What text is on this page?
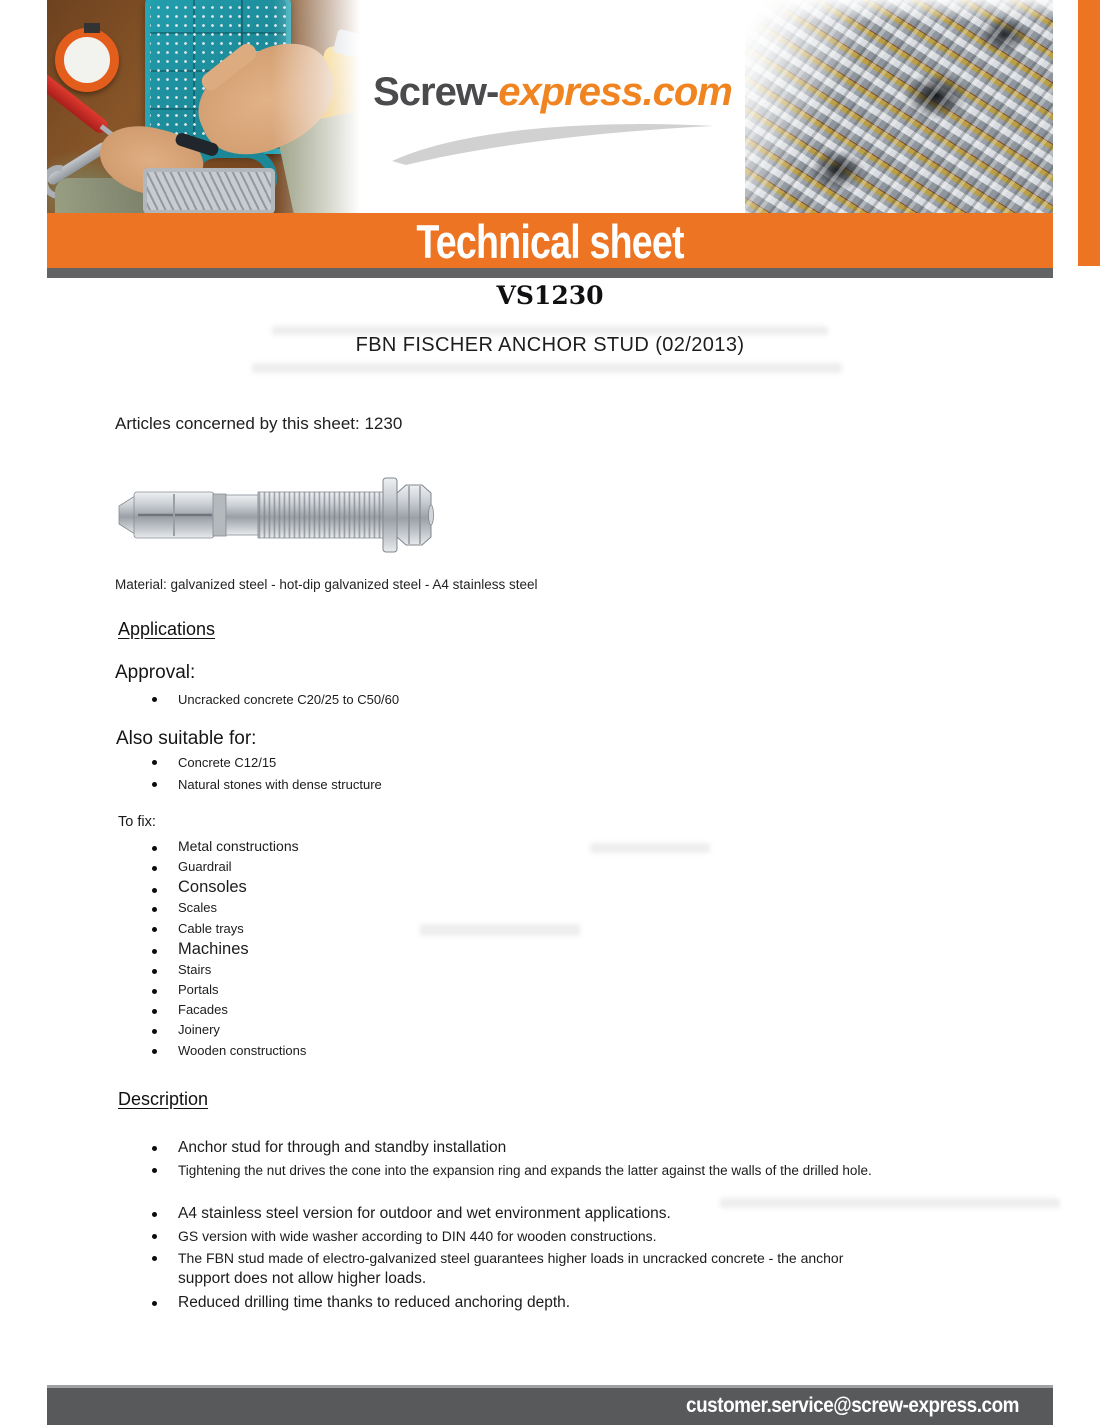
Screw-express.com
Technical sheet
VS1230
FBN FISCHER ANCHOR STUD (02/2013)
Articles concerned by this sheet: 1230
Material: galvanized steel - hot-dip galvanized steel - A4 stainless steel
Applications
Approval:
Uncracked concrete C20/25 to C50/60
Also suitable for:
Concrete C12/15
Natural stones with dense structure
To fix:
Metal constructions
Guardrail
Consoles
Scales
Cable trays
Machines
Stairs
Portals
Facades
Joinery
Wooden constructions
Description
Anchor stud for through and standby installation
Tightening the nut drives the cone into the expansion ring and expands the latter against the walls of the drilled hole.
A4 stainless steel version for outdoor and wet environment applications.
GS version with wide washer according to DIN 440 for wooden constructions.
The FBN stud made of electro-galvanized steel guarantees higher loads in uncracked concrete - the anchor
support does not allow higher loads.
Reduced drilling time thanks to reduced anchoring depth.
customer.service@screw-express.com
